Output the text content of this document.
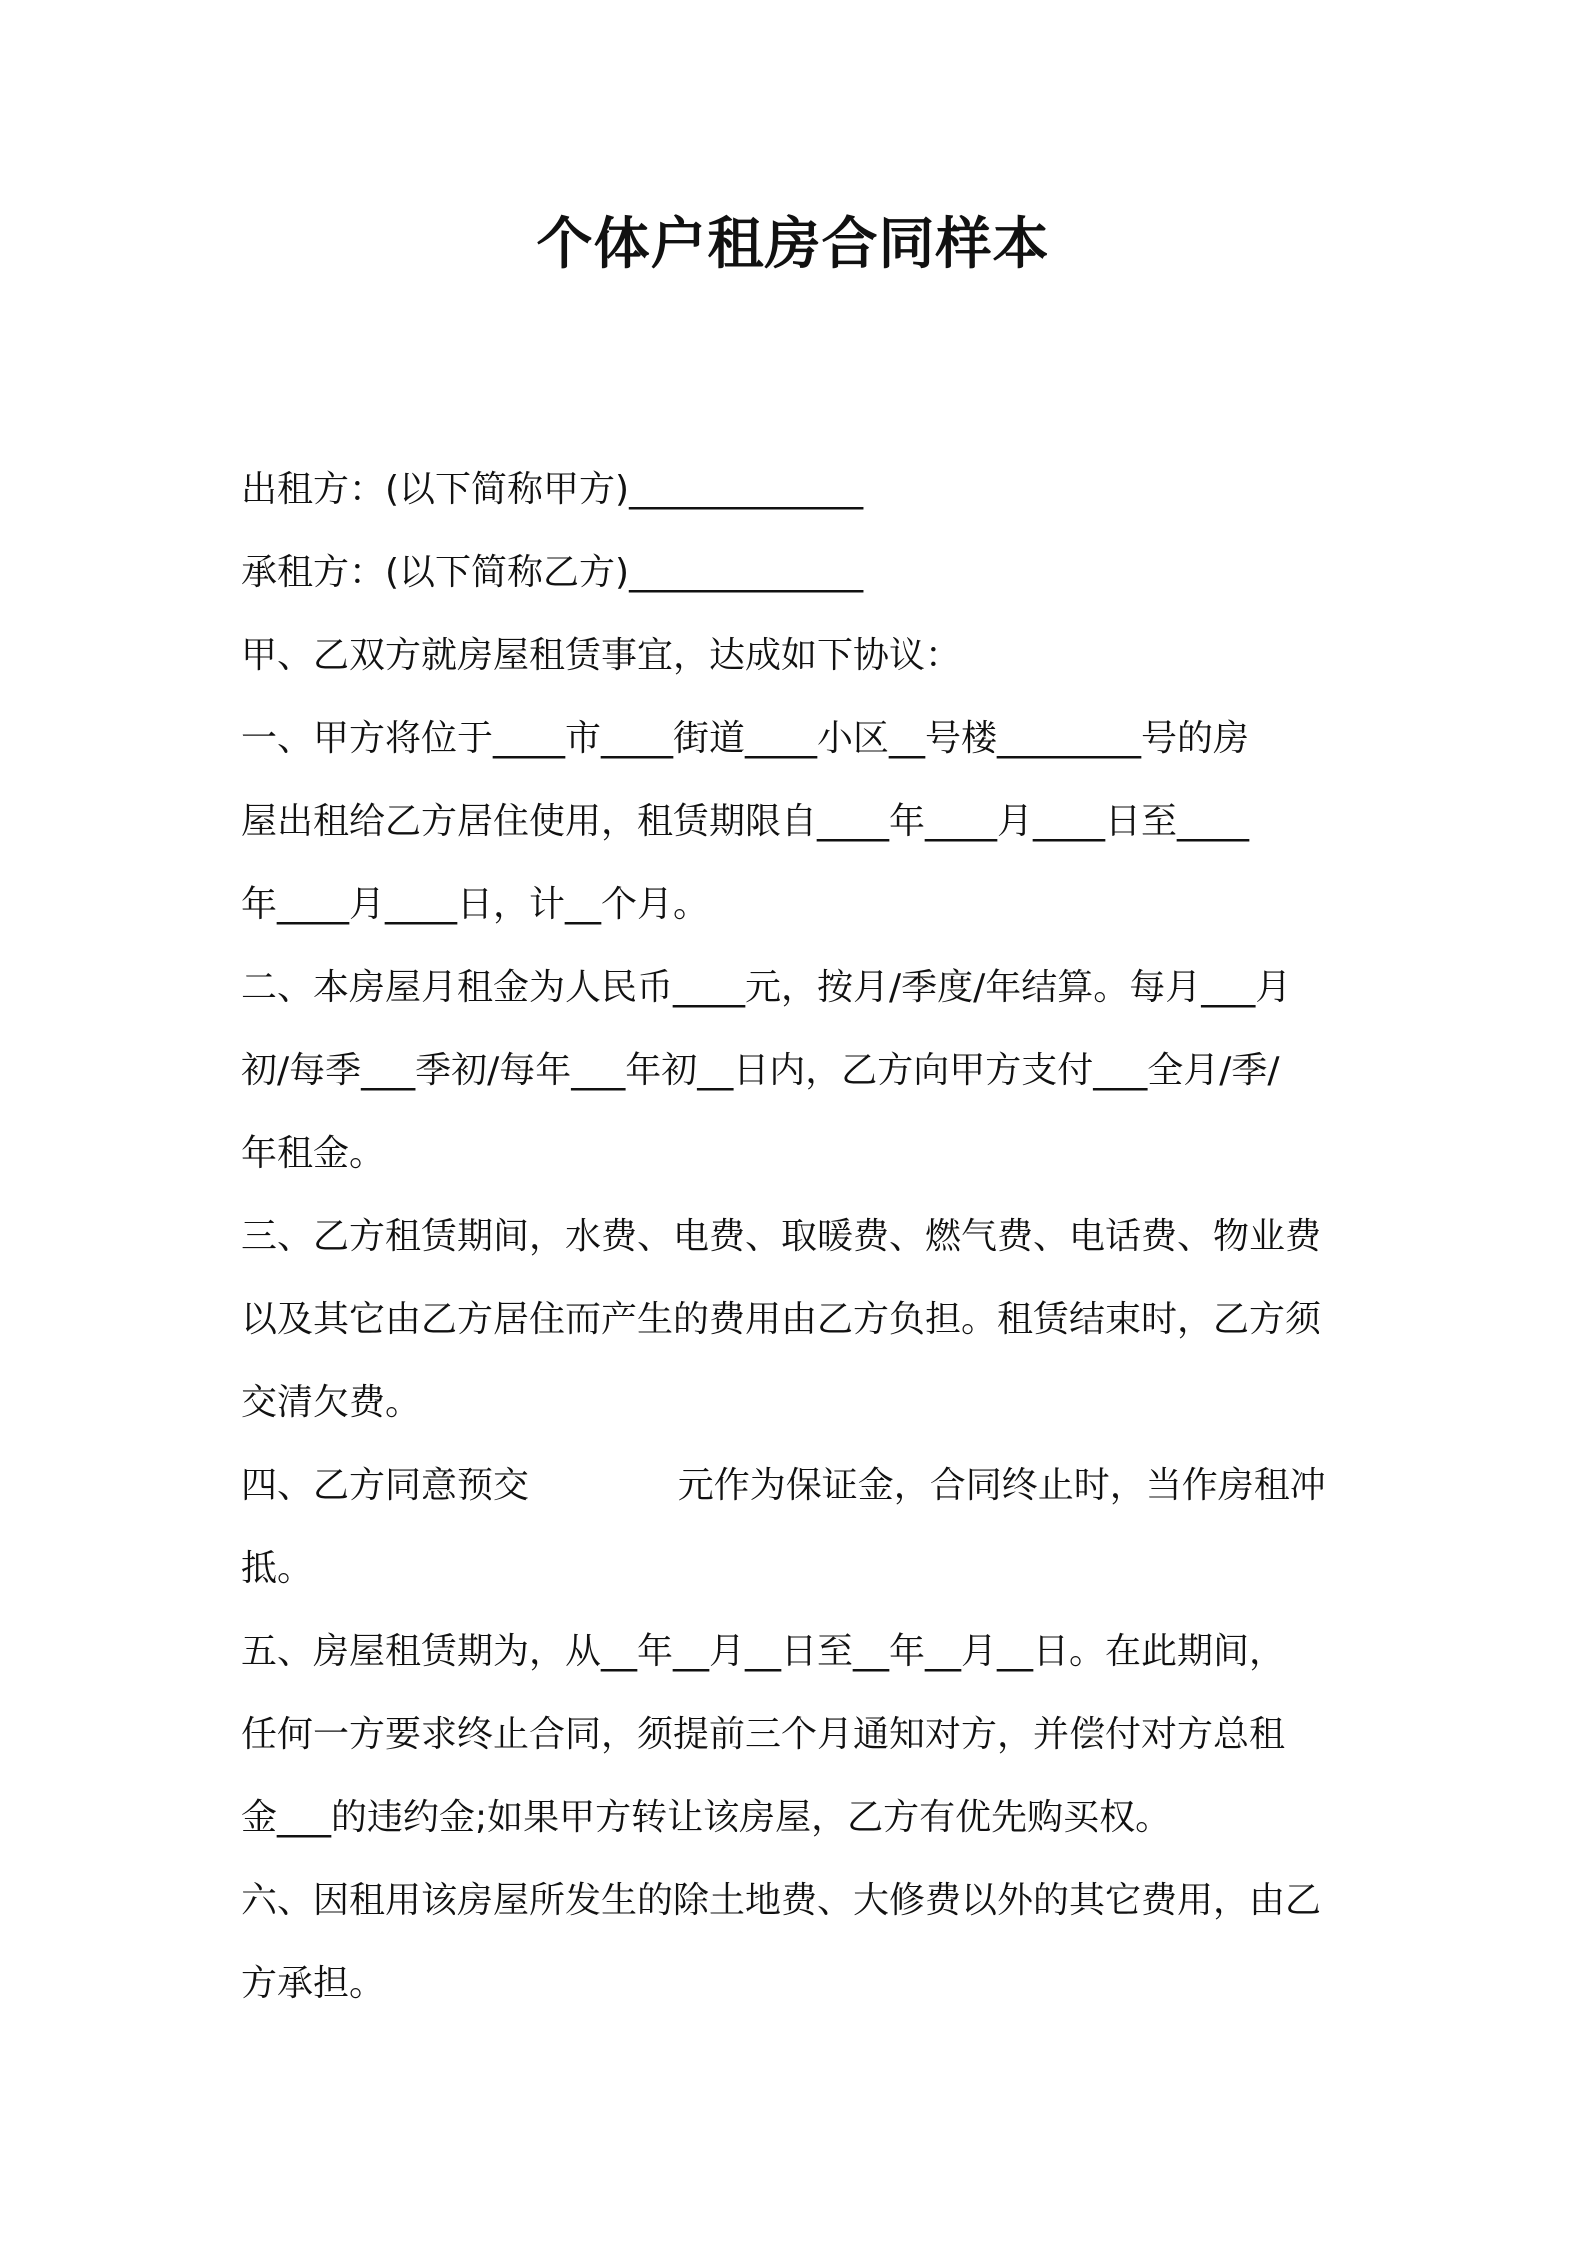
个体户租房合同样本
出租方：(以下简称甲方)_____________
承租方：(以下简称乙方)_____________
甲、乙双方就房屋租赁事宜，达成如下协议：
一、甲方将位于____市____街道____小区__号楼________号的房
屋出租给乙方居住使用，租赁期限自____年____月____日至____
年____月____日，计__个月。
二、本房屋月租金为人民币____元，按月/季度/年结算。每月___月
初/每季___季初/每年___年初__日内，乙方向甲方支付___全月/季/
年租金。
三、乙方租赁期间，水费、电费、取暖费、燃气费、电话费、物业费
以及其它由乙方居住而产生的费用由乙方负担。租赁结束时，乙方须
交清欠费。
四、乙方同意预交             元作为保证金，合同终止时，当作房租冲
抵。
五、房屋租赁期为，从__年__月__日至__年__月__日。在此期间，
任何一方要求终止合同，须提前三个月通知对方，并偿付对方总租
金___的违约金;如果甲方转让该房屋，乙方有优先购买权。
六、因租用该房屋所发生的除土地费、大修费以外的其它费用，由乙
方承担。
